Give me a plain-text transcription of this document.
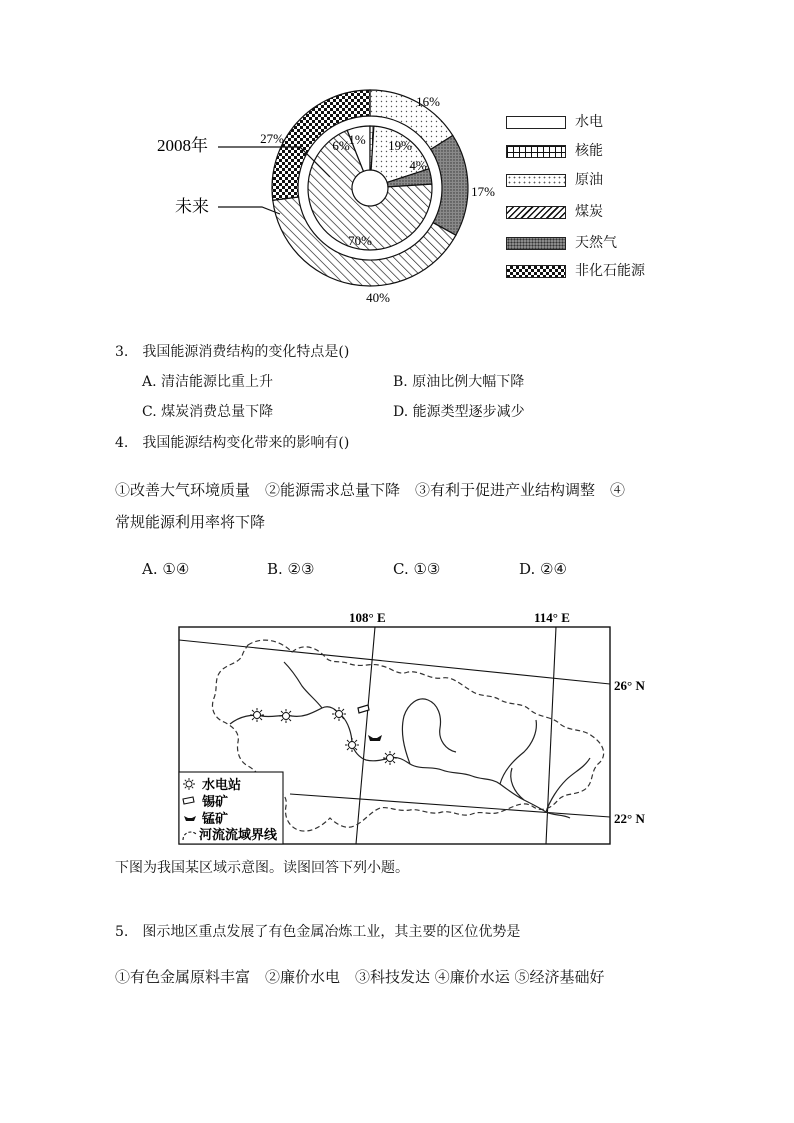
6%
1% 19%
4%
70%
16%
17%
40%
27%
2008年
未来
水电
核能
原油
煤炭
天然气
非化石能源
3.　我国能源消费结构的变化特点是()
A. 清洁能源比重上升	B. 原油比例大幅下降
C. 煤炭消费总量下降	D. 能源类型逐步减少
4.　我国能源结构变化带来的影响有()
①改善大气环境质量　②能源需求总量下降　③有利于促进产业结构调整　④
常规能源利用率将下降
A. ①④	B. ②③	C. ①③	D. ②④
108° E	114° E
26° N
22° N
水电站
锡矿
锰矿
河流流域界线
下图为我国某区域示意图。读图回答下列小题。
5.　图示地区重点发展了有色金属冶炼工业，其主要的区位优势是
①有色金属原料丰富　②廉价水电　③科技发达 ④廉价水运 ⑤经济基础好
